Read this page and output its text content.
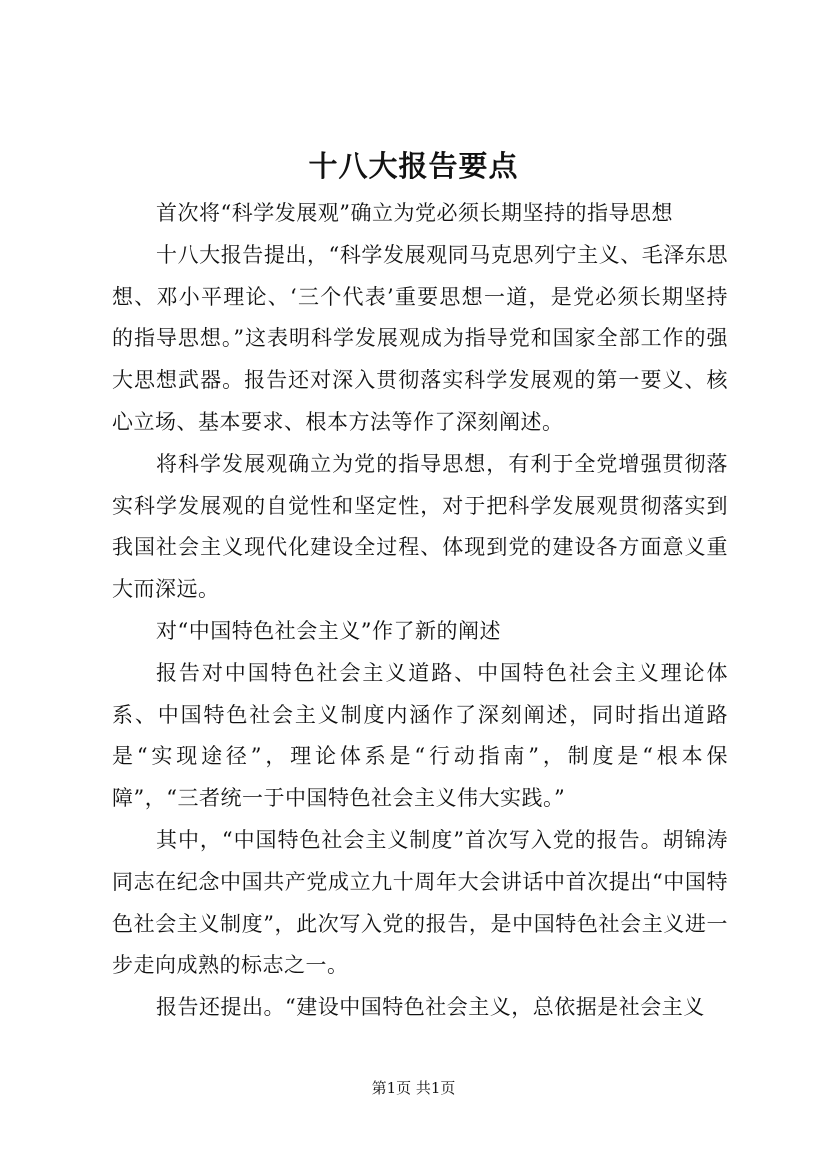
十八大报告要点

首次将“科学发展观”确立为党必须长期坚持的指导思想

十八大报告提出，“科学发展观同马克思列宁主义、毛泽东思想、邓小平理论、‘三个代表’重要思想一道，是党必须长期坚持的指导思想。”这表明科学发展观成为指导党和国家全部工作的强大思想武器。报告还对深入贯彻落实科学发展观的第一要义、核心立场、基本要求、根本方法等作了深刻阐述。

将科学发展观确立为党的指导思想，有利于全党增强贯彻落实科学发展观的自觉性和坚定性，对于把科学发展观贯彻落实到我国社会主义现代化建设全过程、体现到党的建设各方面意义重大而深远。

对“中国特色社会主义”作了新的阐述

报告对中国特色社会主义道路、中国特色社会主义理论体系、中国特色社会主义制度内涵作了深刻阐述，同时指出道路是“实现途径”，理论体系是“行动指南”，制度是“根本保障”，“三者统一于中国特色社会主义伟大实践。”

其中，“中国特色社会主义制度”首次写入党的报告。胡锦涛同志在纪念中国共产党成立九十周年大会讲话中首次提出“中国特色社会主义制度”，此次写入党的报告，是中国特色社会主义进一步走向成熟的标志之一。

报告还提出。“建设中国特色社会主义，总依据是社会主义

第1页 共1页
